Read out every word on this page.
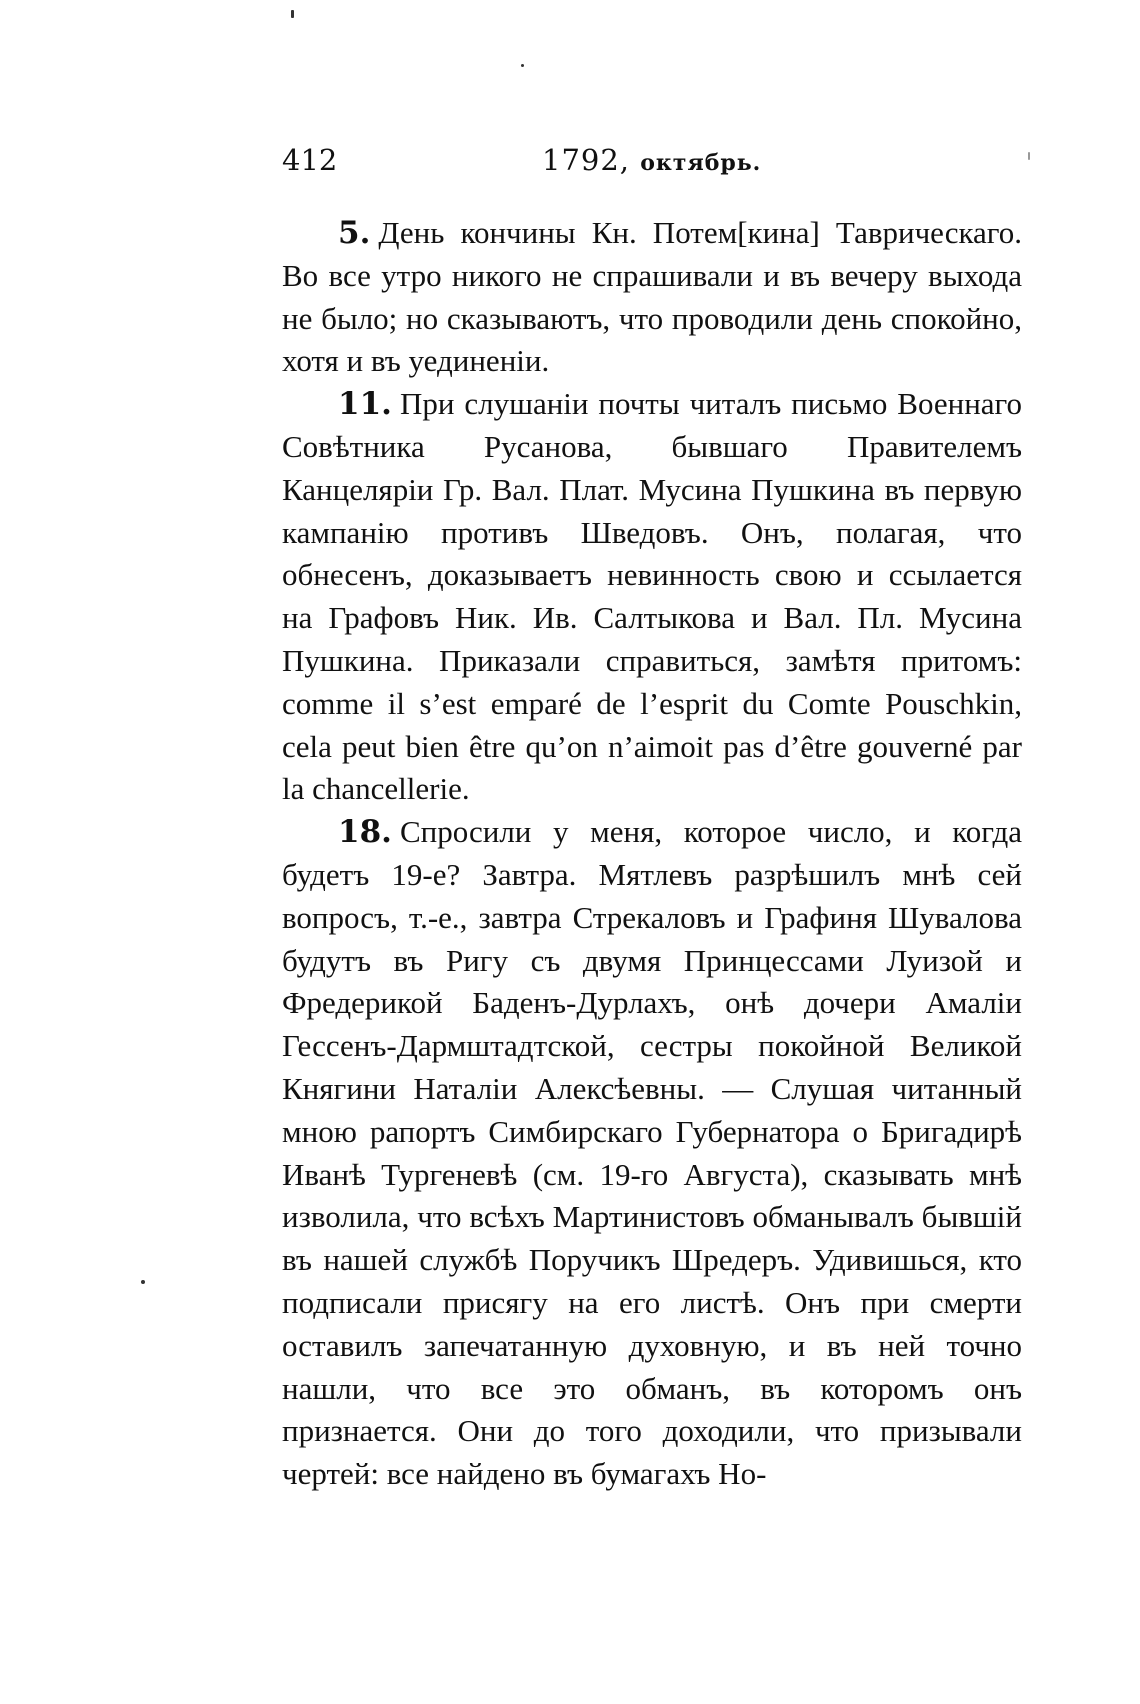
412	1792, октябрь.

5. День кончины Кн. Потем[кина] Таврическаго. Во все утро никого не спрашивали и въ вечеру выхода не было; но сказываютъ, что проводили день спокойно, хотя и въ уединеніи.

11. При слушаніи почты читалъ письмо Военнаго Совѣтника Русанова, бывшаго Правителемъ Канцеляріи Гр. Вал. Плат. Мусина Пушкина въ первую кампанію противъ Шведовъ. Онъ, полагая, что обнесенъ, доказываетъ невинность свою и ссылается на Графовъ Ник. Ив. Салтыкова и Вал. Пл. Мусина Пушкина. Приказали справиться, замѣтя притомъ: comme il s’est emparé de l’esprit du Comte Pouschkin, cela peut bien être qu’on n’aimoit pas d’être gouverné par la chancellerie.

18. Спросили у меня, которое число, и когда будетъ 19-е? Завтра. Мятлевъ разрѣшилъ мнѣ сей вопросъ, т.-е., завтра Стрекаловъ и Графиня Шувалова будутъ въ Ригу съ двумя Принцессами Луизой и Фредерикой Баденъ-Дурлахъ, онѣ дочери Амаліи Гессенъ-Дармштадтской, сестры покойной Великой Княгини Наталіи Алексѣевны. — Слушая читанный мною рапортъ Симбирскаго Губернатора о Бригадирѣ Иванѣ Тургеневѣ (см. 19-го Августа), сказывать мнѣ изволила, что всѣхъ Мартинистовъ обманывалъ бывшій въ нашей службѣ Поручикъ Шредеръ. Удивишься, кто подписали присягу на его листѣ. Онъ при смерти оставилъ запечатанную духовную, и въ ней точно нашли, что все это обманъ, въ которомъ онъ признается. Они до того доходили, что призывали чертей: все найдено въ бумагахъ Но-
